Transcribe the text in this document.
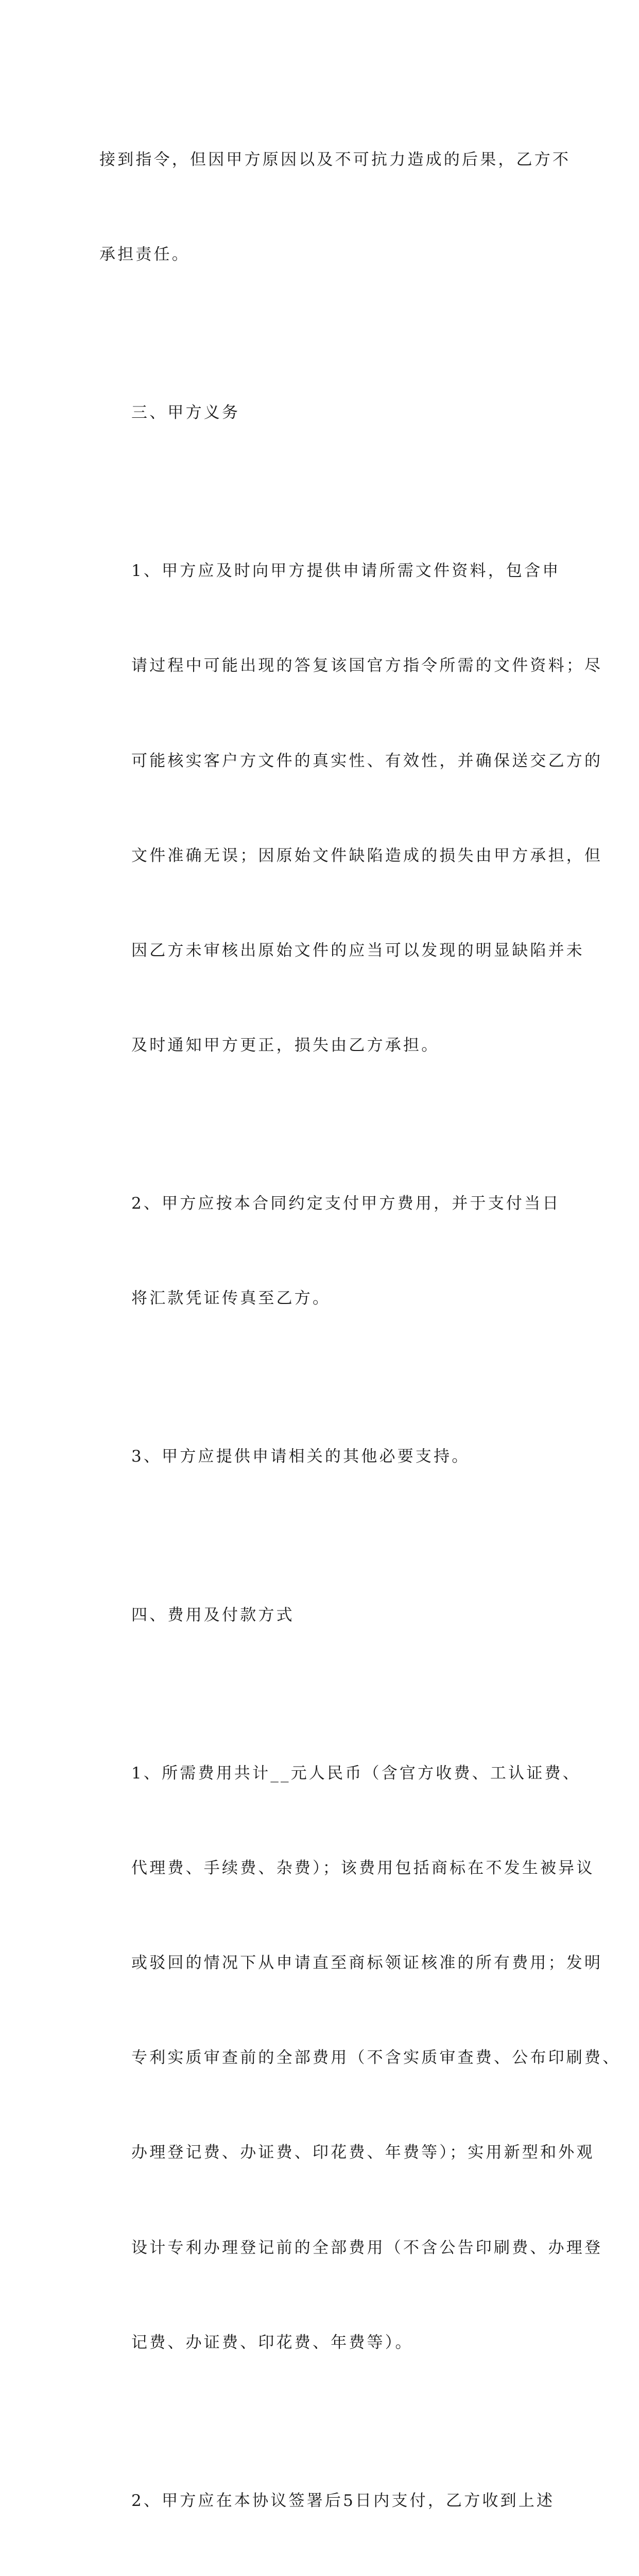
接到指令，但因甲方原因以及不可抗力造成的后果，乙方不

承担责任。

三、甲方义务

1、甲方应及时向甲方提供申请所需文件资料，包含申

请过程中可能出现的答复该国官方指令所需的文件资料；尽

可能核实客户方文件的真实性、有效性，并确保送交乙方的

文件准确无误；因原始文件缺陷造成的损失由甲方承担，但

因乙方未审核出原始文件的应当可以发现的明显缺陷并未

及时通知甲方更正，损失由乙方承担。

2、甲方应按本合同约定支付甲方费用，并于支付当日

将汇款凭证传真至乙方。

3、甲方应提供申请相关的其他必要支持。

四、费用及付款方式

1、所需费用共计__元人民币（含官方收费、工认证费、

代理费、手续费、杂费）；该费用包括商标在不发生被异议

或驳回的情况下从申请直至商标领证核准的所有费用；发明

专利实质审查前的全部费用（不含实质审查费、公布印刷费、

办理登记费、办证费、印花费、年费等）；实用新型和外观

设计专利办理登记前的全部费用（不含公告印刷费、办理登

记费、办证费、印花费、年费等）。

2、甲方应在本协议签署后5日内支付，乙方收到上述
